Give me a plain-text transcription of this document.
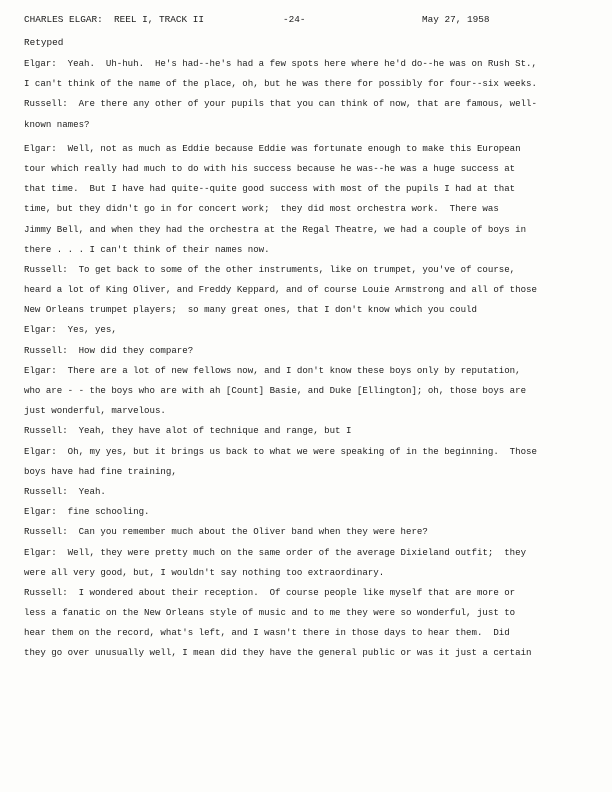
CHARLES ELGAR:  REEL I, TRACK II

	-24-

	May 27, 1958

Retyped
Elgar:  Yeah.  Uh-huh.  He's had--he's had a few spots here where he'd do--he was on Rush St.,
I can't think of the name of the place, oh, but he was there for possibly for four--six weeks.
Russell:  Are there any other of your pupils that you can think of now, that are famous, well-
known names?
Elgar:  Well, not as much as Eddie because Eddie was fortunate enough to make this European
tour which really had much to do with his success because he was--he was a huge success at
that time.  But I have had quite--quite good success with most of the pupils I had at that
time, but they didn't go in for concert work;  they did most orchestra work.  There was
Jimmy Bell, and when they had the orchestra at the Regal Theatre, we had a couple of boys in
there . . . I can't think of their names now.
Russell:  To get back to some of the other instruments, like on trumpet, you've of course,
heard a lot of King Oliver, and Freddy Keppard, and of course Louie Armstrong and all of those
New Orleans trumpet players;  so many great ones, that I don't know which you could
Elgar:  Yes, yes,
Russell:  How did they compare?
Elgar:  There are a lot of new fellows now, and I don't know these boys only by reputation,
who are - - the boys who are with ah [Count] Basie, and Duke [Ellington]; oh, those boys are
just wonderful, marvelous.
Russell:  Yeah, they have alot of technique and range, but I
Elgar:  Oh, my yes, but it brings us back to what we were speaking of in the beginning.  Those
boys have had fine training,
Russell:  Yeah.
Elgar:  fine schooling.
Russell:  Can you remember much about the Oliver band when they were here?
Elgar:  Well, they were pretty much on the same order of the average Dixieland outfit;  they
were all very good, but, I wouldn't say nothing too extraordinary.
Russell:  I wondered about their reception.  Of course people like myself that are more or
less a fanatic on the New Orleans style of music and to me they were so wonderful, just to
hear them on the record, what's left, and I wasn't there in those days to hear them.  Did
they go over unusually well, I mean did they have the general public or was it just a certain
